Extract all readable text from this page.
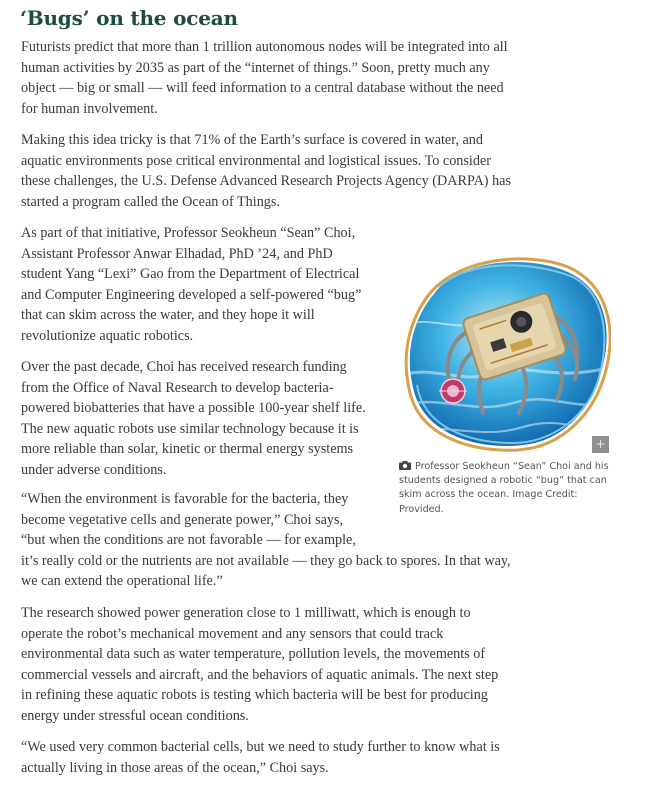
‘Bugs’ on the ocean

Futurists predict that more than 1 trillion autonomous nodes will be integrated into all human activities by 2035 as part of the “internet of things.” Soon, pretty much any object — big or small — will feed information to a central database without the need for human involvement.

Making this idea tricky is that 71% of the Earth’s surface is covered in water, and aquatic environments pose critical environmental and logistical issues. To consider these challenges, the U.S. Defense Advanced Research Projects Agency (DARPA) has started a program called the Ocean of Things.

As part of that initiative, Professor Seokheun “Sean” Choi, Assistant Professor Anwar Elhadad, PhD ’24, and PhD student Yang “Lexi” Gao from the Department of Electrical and Computer Engineering developed a self-powered “bug” that can skim across the water, and they hope it will revolutionize aquatic robotics.

Over the past decade, Choi has received research funding from the Office of Naval Research to develop bacteria-powered biobatteries that have a possible 100-year shelf life. The new aquatic robots use similar technology because it is more reliable than solar, kinetic or thermal energy systems under adverse conditions.

“When the environment is favorable for the bacteria, they become vegetative cells and generate power,” Choi says, “but when the conditions are not favorable — for example, it’s really cold or the nutrients are not available — they go back to spores. In that way, we can extend the operational life.”

The research showed power generation close to 1 milliwatt, which is enough to operate the robot’s mechanical movement and any sensors that could track environmental data such as water temperature, pollution levels, the movements of commercial vessels and aircraft, and the behaviors of aquatic animals. The next step in refining these aquatic robots is testing which bacteria will be best for producing energy under stressful ocean conditions.

“We used very common bacterial cells, but we need to study further to know what is actually living in those areas of the ocean,” Choi says.

+

Professor Seokheun “Sean” Choi and his students designed a robotic “bug” that can skim across the ocean. Image Credit: Provided.
